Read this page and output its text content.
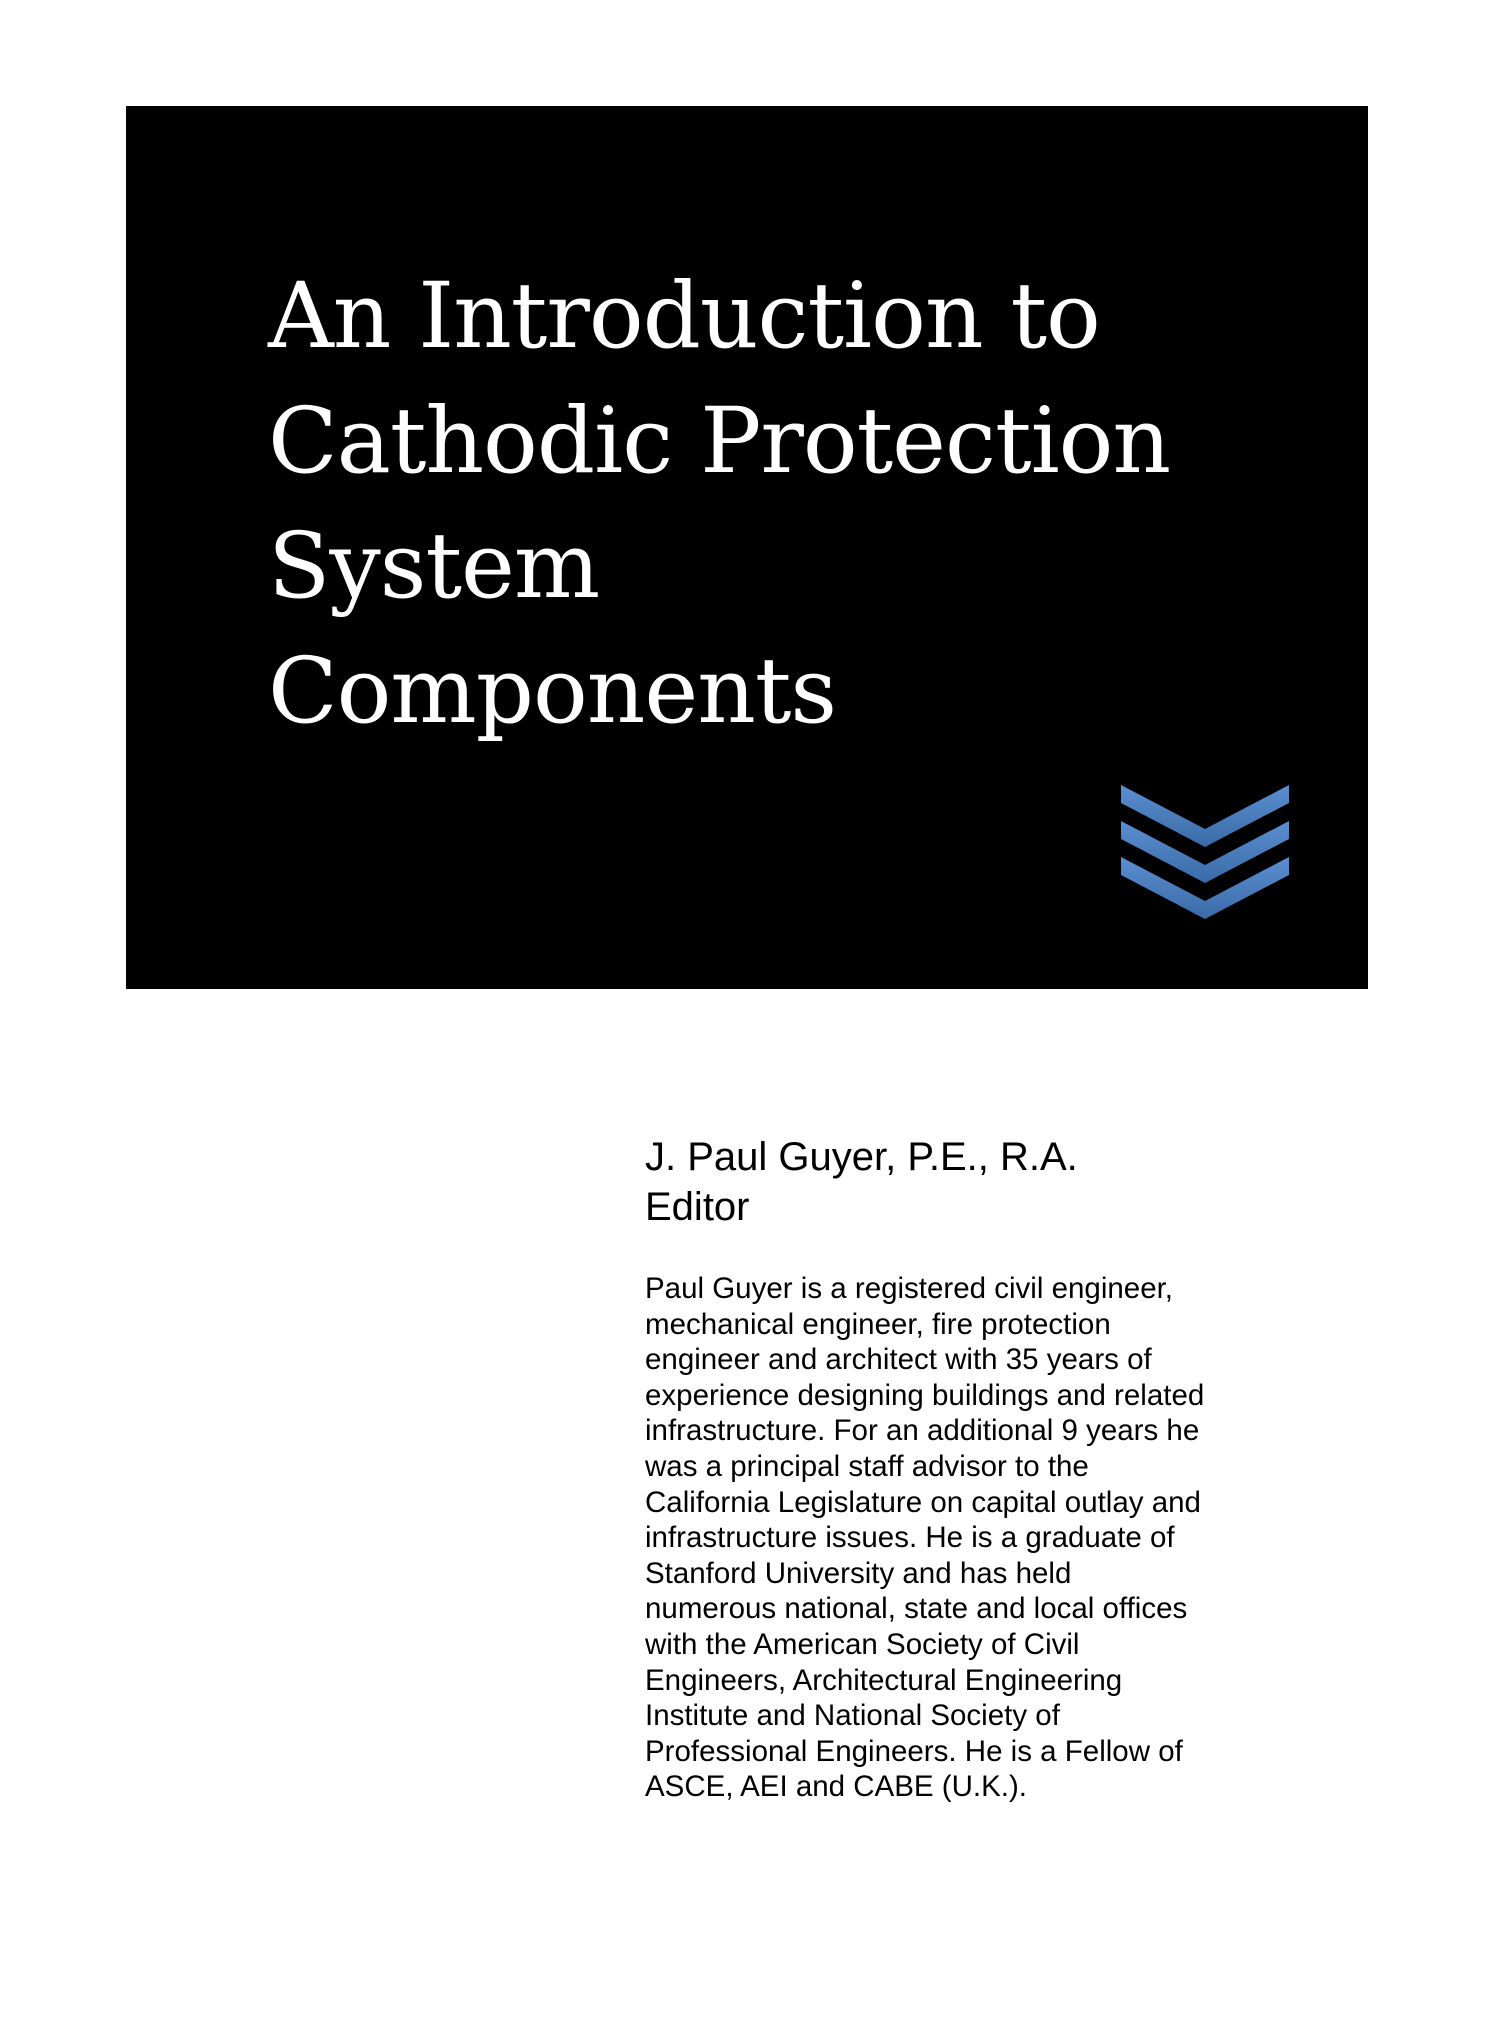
An Introduction to
Cathodic Protection
System
Components

J. Paul Guyer, P.E., R.A.

Editor

Paul Guyer is a registered civil engineer,
mechanical engineer, fire protection
engineer and architect with 35 years of
experience designing buildings and related
infrastructure. For an additional 9 years he
was a principal staff advisor to the
California Legislature on capital outlay and
infrastructure issues. He is a graduate of
Stanford University and has held
numerous national, state and local offices
with the American Society of Civil
Engineers, Architectural Engineering
Institute and National Society of
Professional Engineers. He is a Fellow of
ASCE, AEI and CABE (U.K.).
